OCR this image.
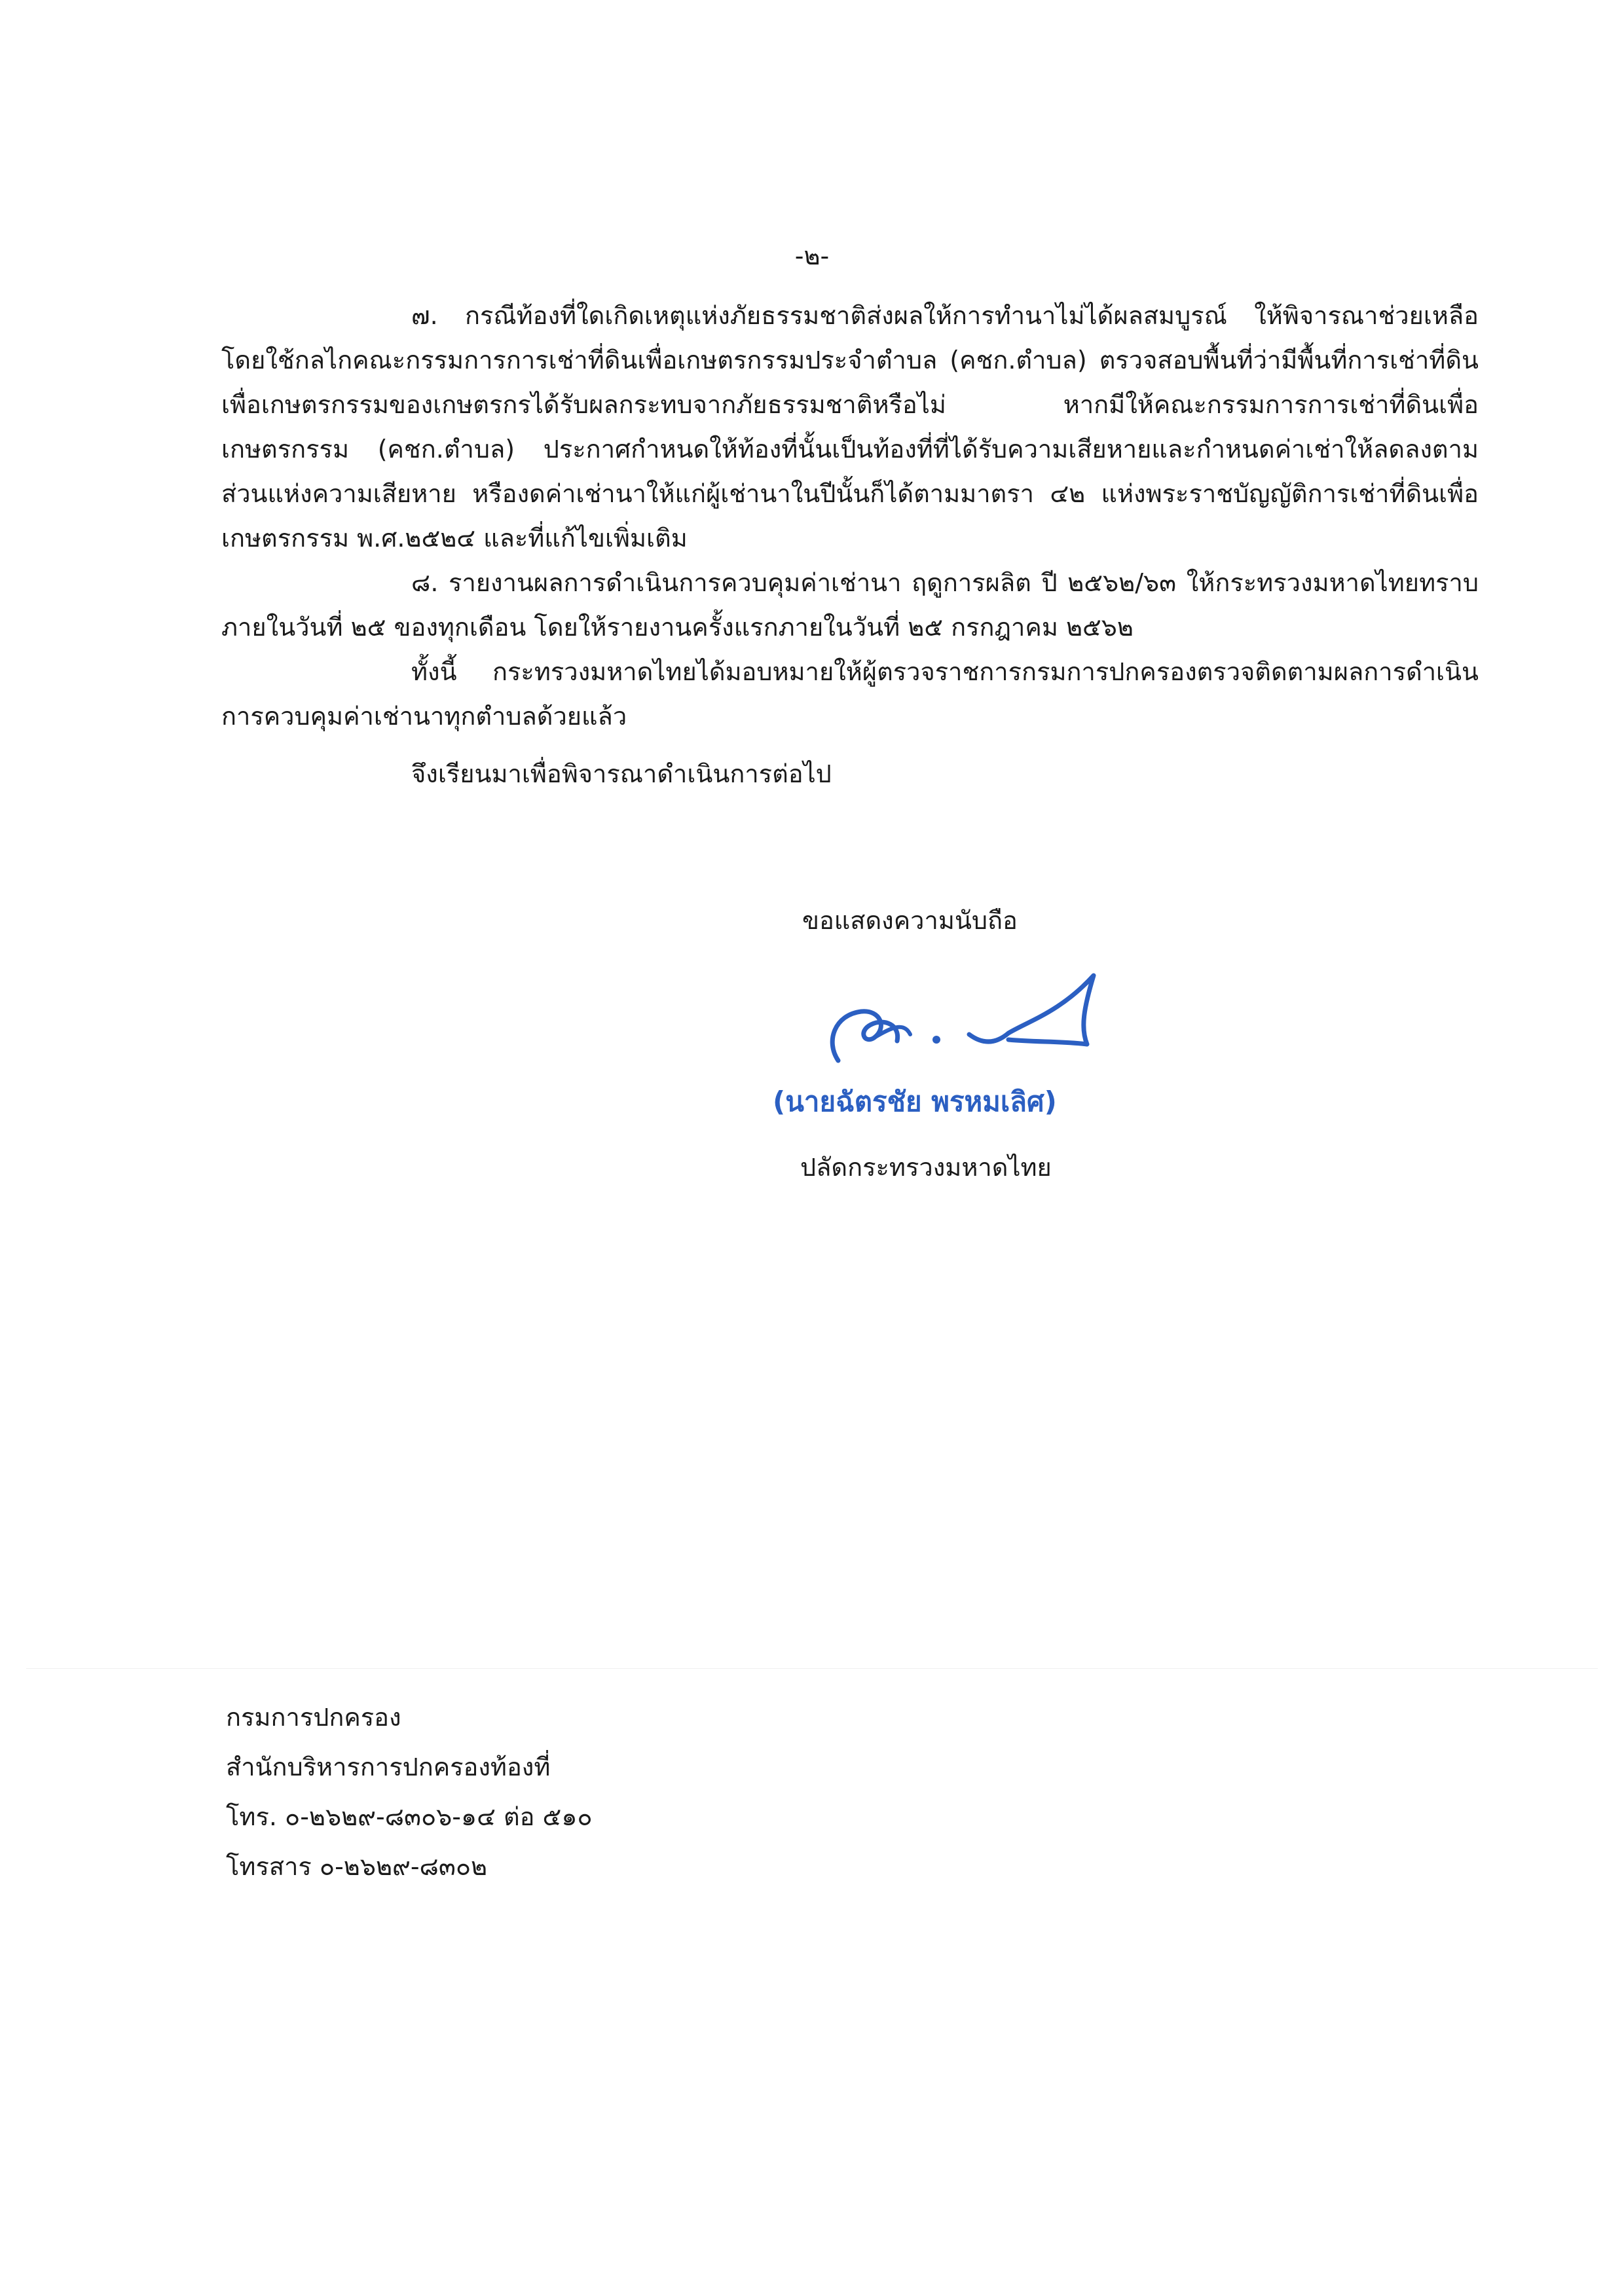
-๒-

๗. กรณีท้องที่ใดเกิดเหตุแห่งภัยธรรมชาติส่งผลให้การทำนาไม่ได้ผลสมบูรณ์ ให้พิจารณาช่วยเหลือโดยใช้กลไกคณะกรรมการการเช่าที่ดินเพื่อเกษตรกรรมประจำตำบล (คชก.ตำบล) ตรวจสอบพื้นที่ว่ามีพื้นที่การเช่าที่ดินเพื่อเกษตรกรรมของเกษตรกรได้รับผลกระทบจากภัยธรรมชาติหรือไม่ หากมีให้คณะกรรมการการเช่าที่ดินเพื่อเกษตรกรรม (คชก.ตำบล) ประกาศกำหนดให้ท้องที่นั้นเป็นท้องที่ที่ได้รับความเสียหายและกำหนดค่าเช่าให้ลดลงตามส่วนแห่งความเสียหาย หรืองดค่าเช่านาให้แก่ผู้เช่านาในปีนั้นก็ได้ตามมาตรา ๔๒ แห่งพระราชบัญญัติการเช่าที่ดินเพื่อเกษตรกรรม พ.ศ.๒๕๒๔ และที่แก้ไขเพิ่มเติม

๘. รายงานผลการดำเนินการควบคุมค่าเช่านา ฤดูการผลิต ปี ๒๕๖๒/๖๓ ให้กระทรวงมหาดไทยทราบภายในวันที่ ๒๕ ของทุกเดือน โดยให้รายงานครั้งแรกภายในวันที่ ๒๕ กรกฎาคม ๒๕๖๒

ทั้งนี้ กระทรวงมหาดไทยได้มอบหมายให้ผู้ตรวจราชการกรมการปกครองตรวจติดตามผลการดำเนินการควบคุมค่าเช่านาทุกตำบลด้วยแล้ว

จึงเรียนมาเพื่อพิจารณาดำเนินการต่อไป

ขอแสดงความนับถือ
(นายฉัตรชัย พรหมเลิศ)
ปลัดกระทรวงมหาดไทย
กรมการปกครอง
สำนักบริหารการปกครองท้องที่
โทร. ๐-๒๖๒๙-๘๓๐๖-๑๔ ต่อ ๕๑๐
โทรสาร ๐-๒๖๒๙-๘๓๐๒
